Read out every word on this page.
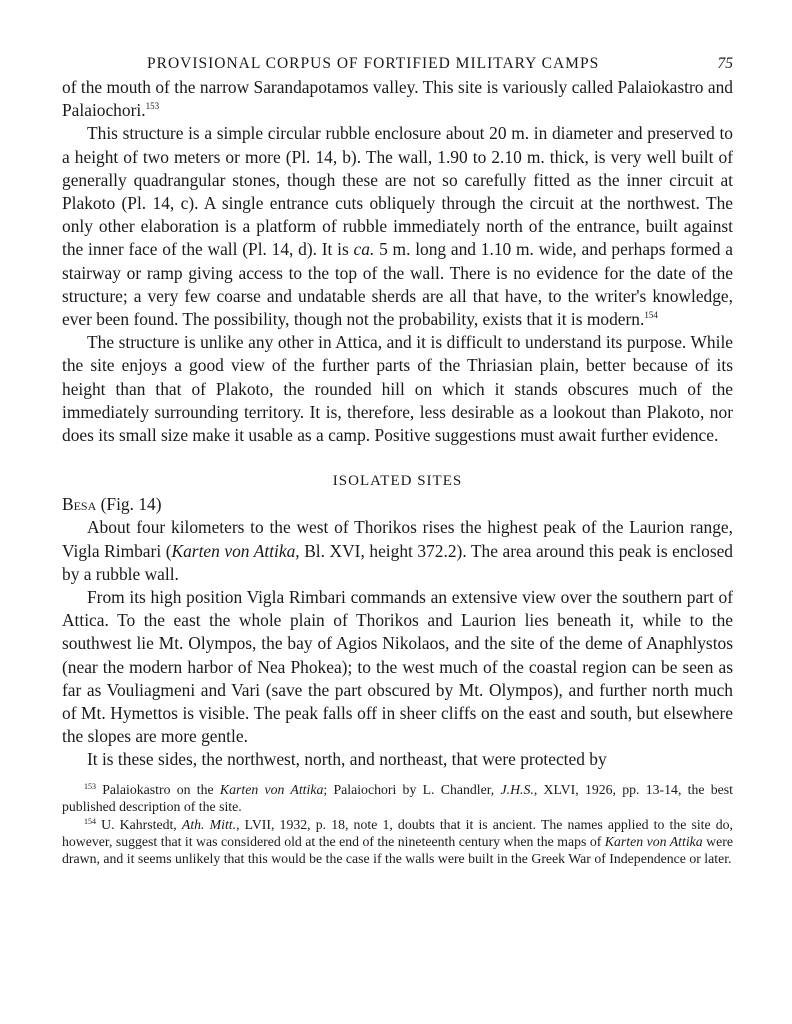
PROVISIONAL CORPUS OF FORTIFIED MILITARY CAMPS	75

of the mouth of the narrow Sarandapotamos valley. This site is variously called Palaiokastro and Palaiochori.$^{153}$

This structure is a simple circular rubble enclosure about 20 m. in diameter and preserved to a height of two meters or more (Pl. 14, b). The wall, 1.90 to 2.10 m. thick, is very well built of generally quadrangular stones, though these are not so carefully fitted as the inner circuit at Plakoto (Pl. 14, c). A single entrance cuts obliquely through the circuit at the northwest. The only other elaboration is a platform of rubble immediately north of the entrance, built against the inner face of the wall (Pl. 14, d). It is ca. 5 m. long and 1.10 m. wide, and perhaps formed a stairway or ramp giving access to the top of the wall. There is no evidence for the date of the structure; a very few coarse and undatable sherds are all that have, to the writer's knowledge, ever been found. The possibility, though not the probability, exists that it is modern.$^{154}$

The structure is unlike any other in Attica, and it is difficult to understand its purpose. While the site enjoys a good view of the further parts of the Thriasian plain, better because of its height than that of Plakoto, the rounded hill on which it stands obscures much of the immediately surrounding territory. It is, therefore, less desirable as a lookout than Plakoto, nor does its small size make it usable as a camp. Positive suggestions must await further evidence.

ISOLATED SITES
Besa (Fig. 14)

About four kilometers to the west of Thorikos rises the highest peak of the Laurion range, Vigla Rimbari (Karten von Attika, Bl. XVI, height 372.2). The area around this peak is enclosed by a rubble wall.

From its high position Vigla Rimbari commands an extensive view over the southern part of Attica. To the east the whole plain of Thorikos and Laurion lies beneath it, while to the southwest lie Mt. Olympos, the bay of Agios Nikolaos, and the site of the deme of Anaphlystos (near the modern harbor of Nea Phokea); to the west much of the coastal region can be seen as far as Vouliagmeni and Vari (save the part obscured by Mt. Olympos), and further north much of Mt. Hymettos is visible. The peak falls off in sheer cliffs on the east and south, but elsewhere the slopes are more gentle.

It is these sides, the northwest, north, and northeast, that were protected by

$^{153}$ Palaiokastro on the Karten von Attika; Palaiochori by L. Chandler, J.H.S., XLVI, 1926, pp. 13-14, the best published description of the site.

$^{154}$ U. Kahrstedt, Ath. Mitt., LVII, 1932, p. 18, note 1, doubts that it is ancient. The names applied to the site do, however, suggest that it was considered old at the end of the nineteenth century when the maps of Karten von Attika were drawn, and it seems unlikely that this would be the case if the walls were built in the Greek War of Independence or later.
